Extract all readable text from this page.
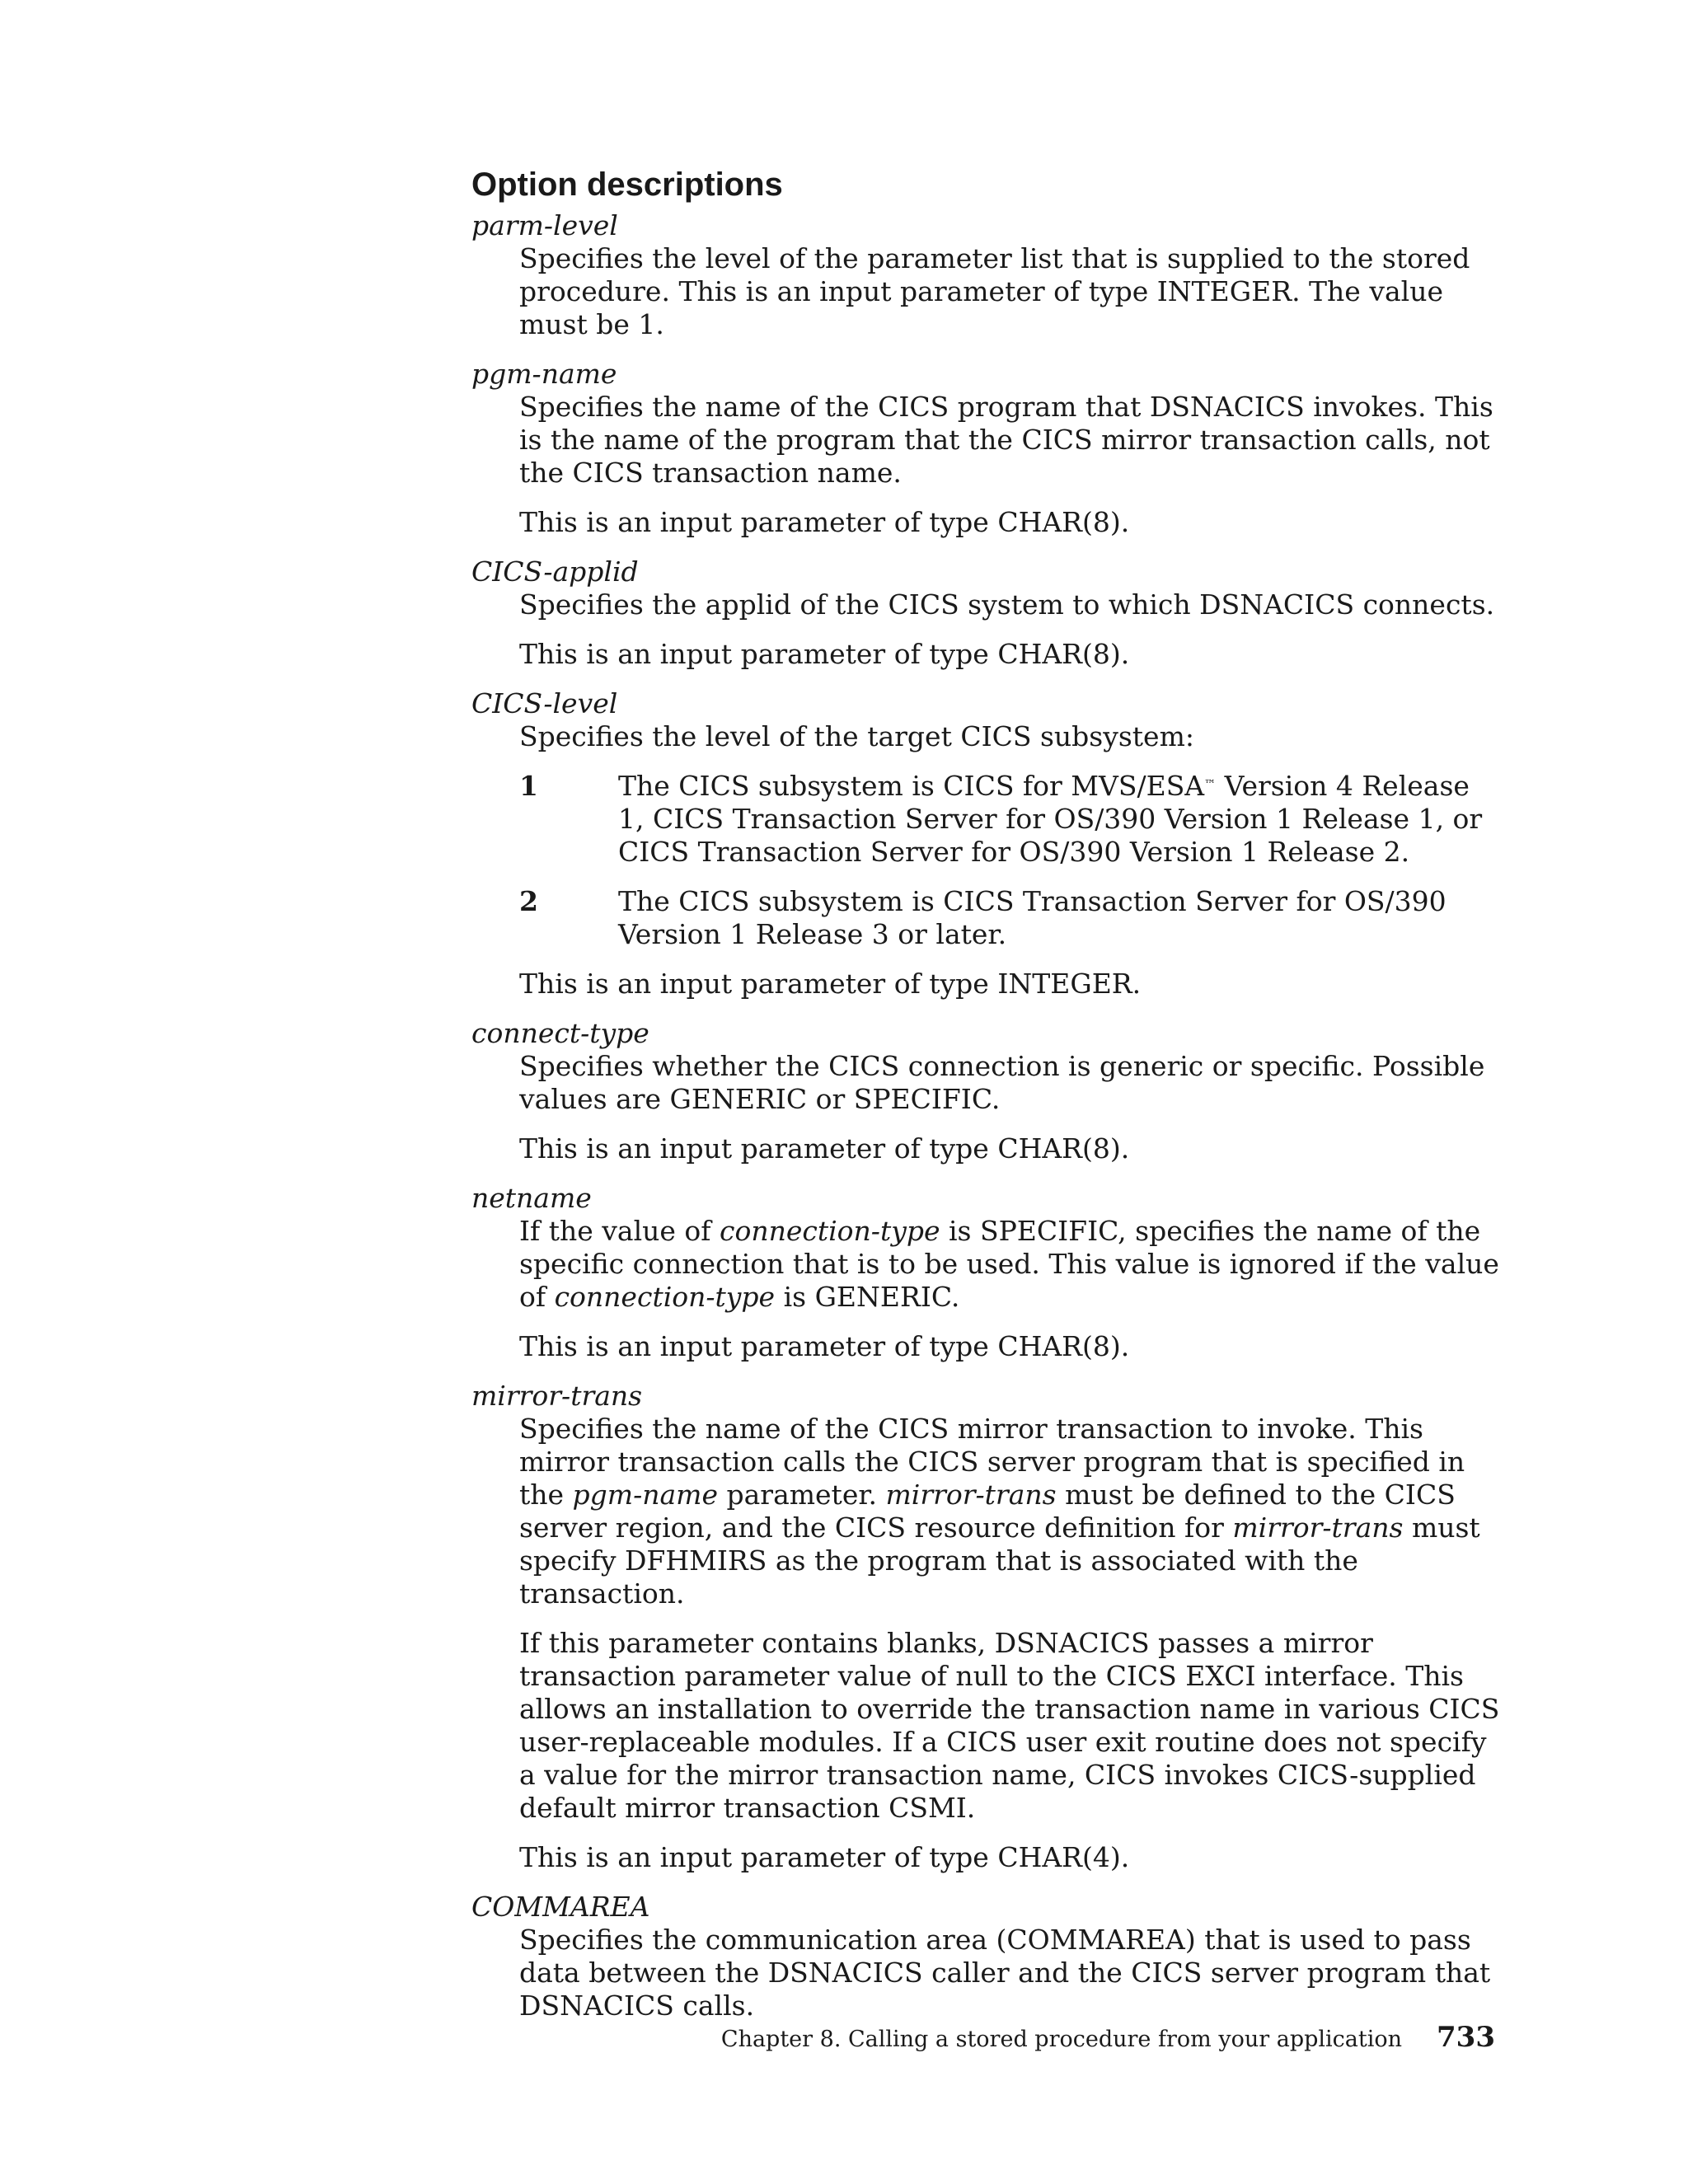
Option descriptions
parm-level

Specifies the level of the parameter list that is supplied to the stored procedure. This is an input parameter of type INTEGER. The value must be 1.

pgm-name

Specifies the name of the CICS program that DSNACICS invokes. This is the name of the program that the CICS mirror transaction calls, not the CICS transaction name.

This is an input parameter of type CHAR(8).

CICS-applid

Specifies the applid of the CICS system to which DSNACICS connects.

This is an input parameter of type CHAR(8).

CICS-level

Specifies the level of the target CICS subsystem:

1	The CICS subsystem is CICS for MVS/ESA™ Version 4 Release 1, CICS Transaction Server for OS/390 Version 1 Release 1, or CICS Transaction Server for OS/390 Version 1 Release 2.
2	The CICS subsystem is CICS Transaction Server for OS/390 Version 1 Release 3 or later.

This is an input parameter of type INTEGER.

connect-type

Specifies whether the CICS connection is generic or specific. Possible values are GENERIC or SPECIFIC.

This is an input parameter of type CHAR(8).

netname

If the value of connection-type is SPECIFIC, specifies the name of the specific connection that is to be used. This value is ignored if the value of connection-type is GENERIC.

This is an input parameter of type CHAR(8).

mirror-trans

Specifies the name of the CICS mirror transaction to invoke. This mirror transaction calls the CICS server program that is specified in the pgm-name parameter. mirror-trans must be defined to the CICS server region, and the CICS resource definition for mirror-trans must specify DFHMIRS as the program that is associated with the transaction.

If this parameter contains blanks, DSNACICS passes a mirror transaction parameter value of null to the CICS EXCI interface. This allows an installation to override the transaction name in various CICS user-replaceable modules. If a CICS user exit routine does not specify a value for the mirror transaction name, CICS invokes CICS-supplied default mirror transaction CSMI.

This is an input parameter of type CHAR(4).

COMMAREA

Specifies the communication area (COMMAREA) that is used to pass data between the DSNACICS caller and the CICS server program that DSNACICS calls.

Chapter 8. Calling a stored procedure from your application 733
